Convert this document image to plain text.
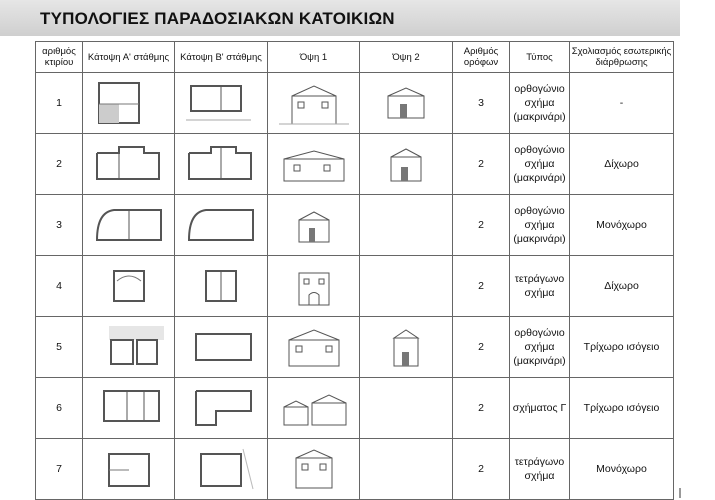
ΤΥΠΟΛΟΓΙΕΣ ΠΑΡΑΔΟΣΙΑΚΩΝ ΚΑΤΟΙΚΙΩΝ
αριθμός κτιρίου	Κάτοψη Α' στάθμης	Κάτοψη Β' στάθμης	Όψη 1	Όψη 2	Αριθμός ορόφων	Τύπος	Σχολιασμός εσωτερικής διάρθρωσης
1					3	ορθογώνιο σχήμα (μακρινάρι)	-
2					2	ορθογώνιο σχήμα (μακρινάρι)	Δίχωρο
3					2	ορθογώνιο σχήμα (μακρινάρι)	Μονόχωρο
4					2	τετράγωνο σχήμα	Δίχωρο
5					2	ορθογώνιο σχήμα (μακρινάρι)	Τρίχωρο ισόγειο
6					2	σχήματος Γ	Τρίχωρο ισόγειο
7					2	τετράγωνο σχήμα	Μονόχωρο
